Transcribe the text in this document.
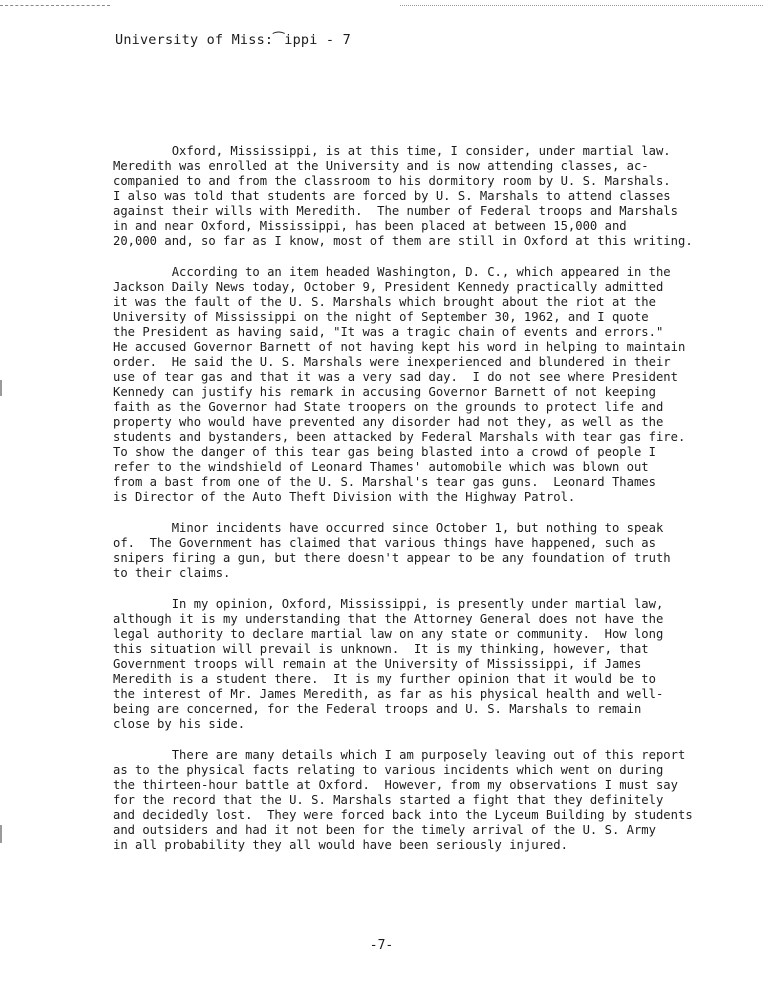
University of Miss:⁀ippi - 7
Oxford, Mississippi, is at this time, I consider, under martial law.
Meredith was enrolled at the University and is now attending classes, ac-
companied to and from the classroom to his dormitory room by U. S. Marshals.
I also was told that students are forced by U. S. Marshals to attend classes
against their wills with Meredith.  The number of Federal troops and Marshals
in and near Oxford, Mississippi, has been placed at between 15,000 and
20,000 and, so far as I know, most of them are still in Oxford at this writing.
According to an item headed Washington, D. C., which appeared in the
Jackson Daily News today, October 9, President Kennedy practically admitted
it was the fault of the U. S. Marshals which brought about the riot at the
University of Mississippi on the night of September 30, 1962, and I quote
the President as having said, "It was a tragic chain of events and errors."
He accused Governor Barnett of not having kept his word in helping to maintain
order.  He said the U. S. Marshals were inexperienced and blundered in their
use of tear gas and that it was a very sad day.  I do not see where President
Kennedy can justify his remark in accusing Governor Barnett of not keeping
faith as the Governor had State troopers on the grounds to protect life and
property who would have prevented any disorder had not they, as well as the
students and bystanders, been attacked by Federal Marshals with tear gas fire.
To show the danger of this tear gas being blasted into a crowd of people I
refer to the windshield of Leonard Thames' automobile which was blown out
from a bast from one of the U. S. Marshal's tear gas guns.  Leonard Thames
is Director of the Auto Theft Division with the Highway Patrol.
Minor incidents have occurred since October 1, but nothing to speak
of.  The Government has claimed that various things have happened, such as
snipers firing a gun, but there doesn't appear to be any foundation of truth
to their claims.
In my opinion, Oxford, Mississippi, is presently under martial law,
although it is my understanding that the Attorney General does not have the
legal authority to declare martial law on any state or community.  How long
this situation will prevail is unknown.  It is my thinking, however, that
Government troops will remain at the University of Mississippi, if James
Meredith is a student there.  It is my further opinion that it would be to
the interest of Mr. James Meredith, as far as his physical health and well-
being are concerned, for the Federal troops and U. S. Marshals to remain
close by his side.
There are many details which I am purposely leaving out of this report
as to the physical facts relating to various incidents which went on during
the thirteen-hour battle at Oxford.  However, from my observations I must say
for the record that the U. S. Marshals started a fight that they definitely
and decidedly lost.  They were forced back into the Lyceum Building by students
and outsiders and had it not been for the timely arrival of the U. S. Army
in all probability they all would have been seriously injured.
-7-
